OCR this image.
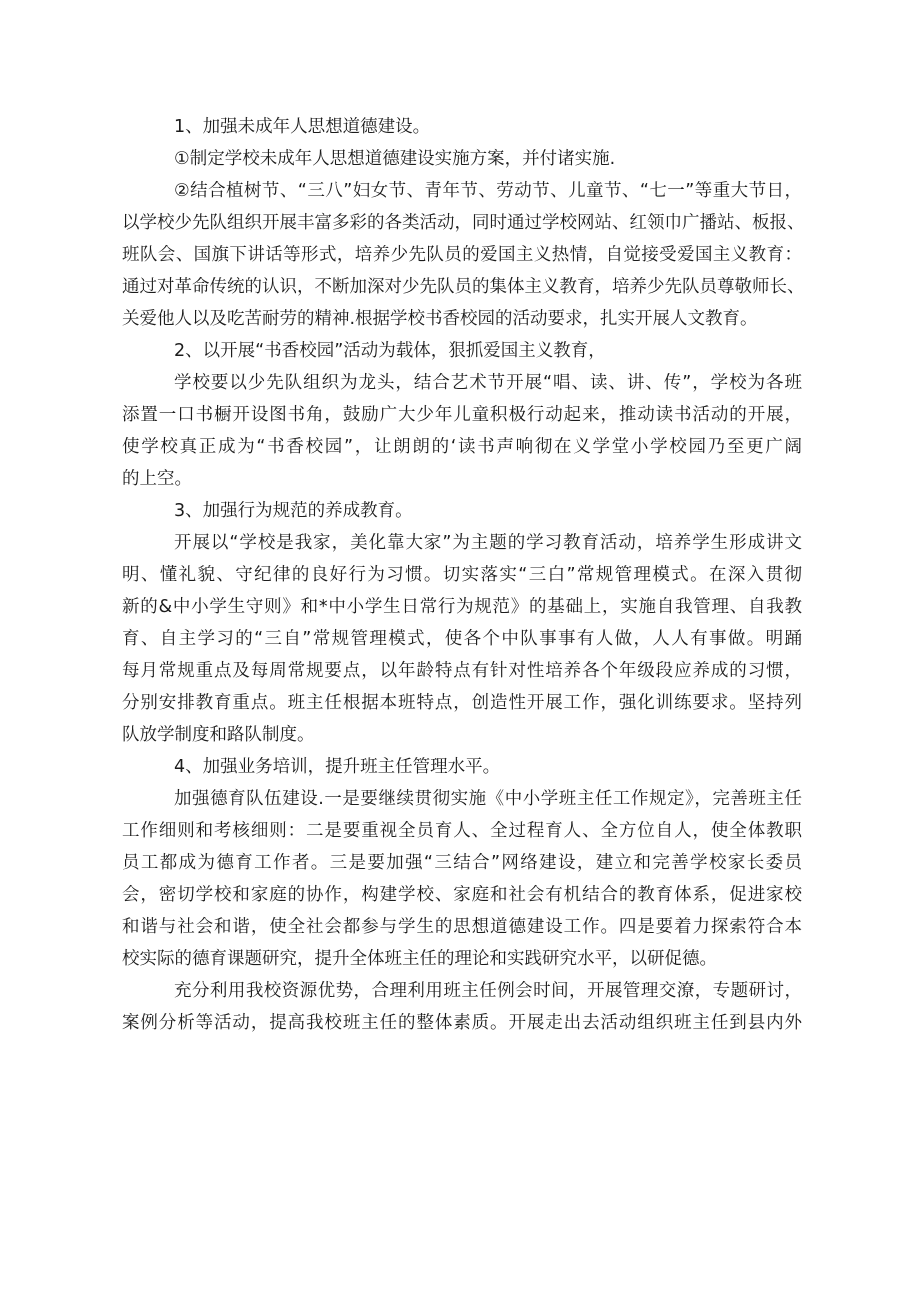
1、加强未成年人思想道德建设。
①制定学校未成年人思想道德建设实施方案，并付诸实施.
②结合植树节、“三八”妇女节、青年节、劳动节、儿童节、“七一”等重大节日，
以学校少先队组织开展丰富多彩的各类活动，同时通过学校网站、红领巾广播站、板报、
班队会、国旗下讲话等形式，培养少先队员的爱国主义热情，自觉接受爱国主义教育：
通过对革命传统的认识，不断加深对少先队员的集体主义教育，培养少先队员尊敬师长、
关爱他人以及吃苦耐劳的精神.根据学校书香校园的活动要求，扎实开展人文教育。
2、以开展“书香校园”活动为载体，狠抓爱国主义教育，
学校要以少先队组织为龙头，结合艺术节开展“唱、读、讲、传”，学校为各班
添置一口书橱开设图书角，鼓励广大少年儿童积极行动起来，推动读书活动的开展，
使学校真正成为“书香校园”，让朗朗的‘读书声响彻在义学堂小学校园乃至更广阔
的上空。
3、加强行为规范的养成教育。
开展以“学校是我家，美化靠大家”为主题的学习教育活动，培养学生形成讲文
明、懂礼貌、守纪律的良好行为习惯。切实落实“三白”常规管理模式。在深入贯彻
新的&中小学生守则》和*中小学生日常行为规范》的基础上，实施自我管理、自我教
育、自主学习的“三自”常规管理模式，使各个中队事事有人做，人人有事做。明踊
每月常规重点及每周常规要点，以年龄特点有针对性培养各个年级段应养成的习惯，
分别安排教育重点。班主任根据本班特点，创造性开展工作，强化训练要求。坚持列
队放学制度和路队制度。
4、加强业务培训，提升班主任管理水平。
加强德育队伍建设.一是要继续贯彻实施《中小学班主任工作规定》，完善班主任
工作细则和考核细则：二是要重视全员育人、全过程育人、全方位自人，使全体教职
员工都成为德育工作者。三是要加强“三结合”网络建设，建立和完善学校家长委员
会，密切学校和家庭的协作，构建学校、家庭和社会有机结合的教育体系，促进家校
和谐与社会和谐，使全社会都参与学生的思想道德建设工作。四是要着力探索符合本
校实际的德育课题研究，提升全体班主任的理论和实践研究水平，以研促德。
充分利用我校资源优势，合理利用班主任例会时间，开展管理交潦，专题研讨，
案例分析等活动，提高我校班主任的整体素质。开展走出去活动组织班主任到县内外
